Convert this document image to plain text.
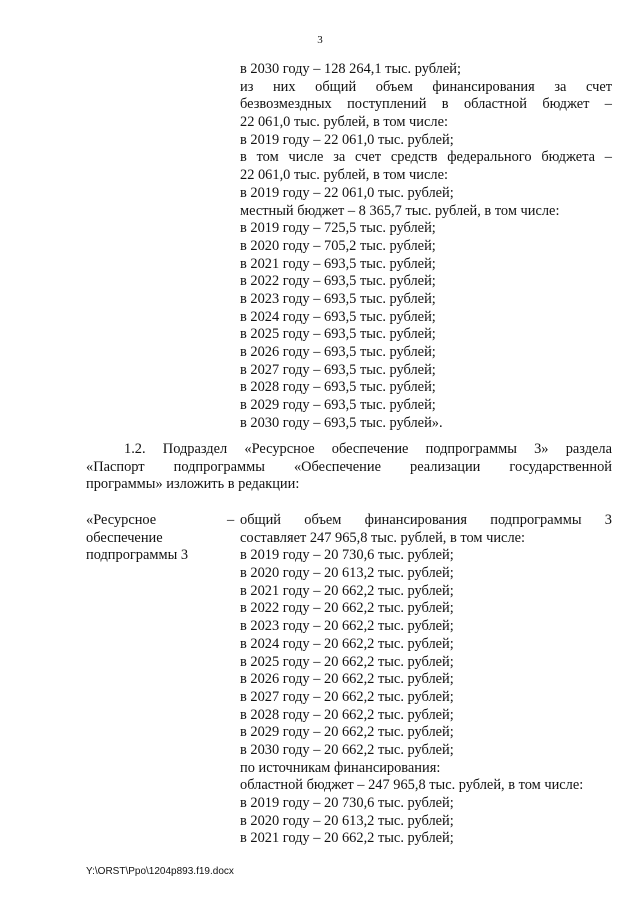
3
в 2030 году – 128 264,1 тыс. рублей;
из них общий объем финансирования за счет
безвозмездных поступлений в областной бюджет –
22 061,0 тыс. рублей, в том числе:
в 2019 году – 22 061,0 тыс. рублей;
в том числе за счет средств федерального бюджета –
22 061,0 тыс. рублей, в том числе:
в 2019 году – 22 061,0 тыс. рублей;
местный бюджет – 8 365,7 тыс. рублей, в том числе:
в 2019 году – 725,5 тыс. рублей;
в 2020 году – 705,2 тыс. рублей;
в 2021 году – 693,5 тыс. рублей;
в 2022 году – 693,5 тыс. рублей;
в 2023 году – 693,5 тыс. рублей;
в 2024 году – 693,5 тыс. рублей;
в 2025 году – 693,5 тыс. рублей;
в 2026 году – 693,5 тыс. рублей;
в 2027 году – 693,5 тыс. рублей;
в 2028 году – 693,5 тыс. рублей;
в 2029 году – 693,5 тыс. рублей;
в 2030 году – 693,5 тыс. рублей».
1.2. Подраздел «Ресурсное обеспечение подпрограммы 3» раздела
«Паспорт подпрограммы «Обеспечение реализации государственной
программы» изложить в редакции:
«Ресурсное
обеспечение
подпрограммы 3
– общий объем финансирования подпрограммы 3
составляет 247 965,8 тыс. рублей, в том числе:
в 2019 году – 20 730,6 тыс. рублей;
в 2020 году – 20 613,2 тыс. рублей;
в 2021 году – 20 662,2 тыс. рублей;
в 2022 году – 20 662,2 тыс. рублей;
в 2023 году – 20 662,2 тыс. рублей;
в 2024 году – 20 662,2 тыс. рублей;
в 2025 году – 20 662,2 тыс. рублей;
в 2026 году – 20 662,2 тыс. рублей;
в 2027 году – 20 662,2 тыс. рублей;
в 2028 году – 20 662,2 тыс. рублей;
в 2029 году – 20 662,2 тыс. рублей;
в 2030 году – 20 662,2 тыс. рублей;
по источникам финансирования:
областной бюджет – 247 965,8 тыс. рублей, в том числе:
в 2019 году – 20 730,6 тыс. рублей;
в 2020 году – 20 613,2 тыс. рублей;
в 2021 году – 20 662,2 тыс. рублей;
Y:\ORST\Ppo\1204p893.f19.docx
